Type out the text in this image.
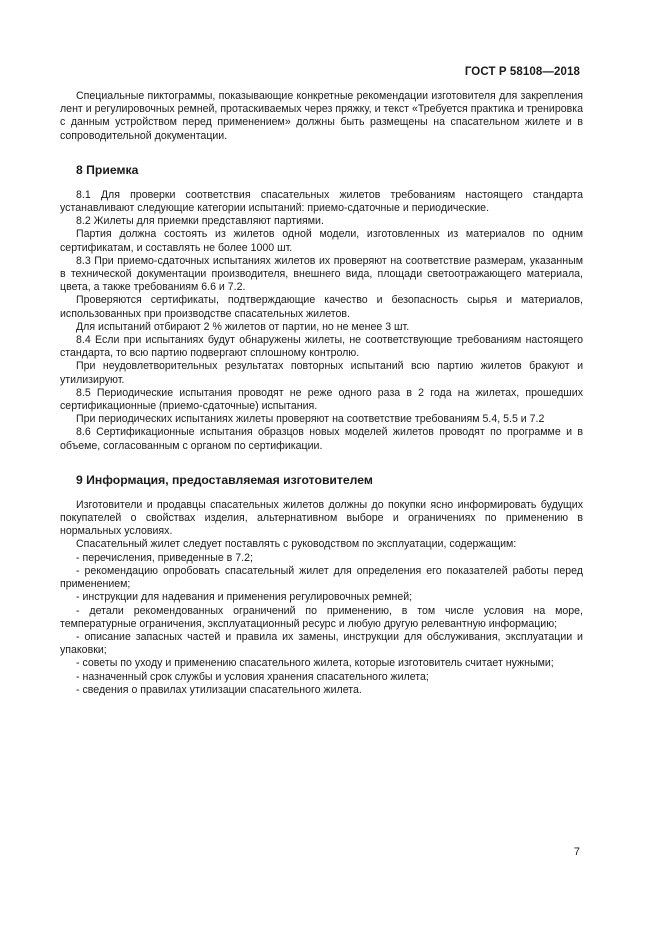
ГОСТ Р 58108—2018

Специальные пиктограммы, показывающие конкретные рекомендации изготовителя для закрепления лент и регулировочных ремней, протаскиваемых через пряжку, и текст «Требуется практика и тренировка с данным устройством перед применением» должны быть размещены на спасательном жилете и в сопроводительной документации.

8 Приемка

8.1 Для проверки соответствия спасательных жилетов требованиям настоящего стандарта устанавливают следующие категории испытаний: приемо-сдаточные и периодические.

8.2 Жилеты для приемки представляют партиями.

Партия должна состоять из жилетов одной модели, изготовленных из материалов по одним сертификатам, и составлять не более 1000 шт.

8.3 При приемо-сдаточных испытаниях жилетов их проверяют на соответствие размерам, указанным в технической документации производителя, внешнего вида, площади светоотражающего материала, цвета, а также требованиям 6.6 и 7.2.

Проверяются сертификаты, подтверждающие качество и безопасность сырья и материалов, использованных при производстве спасательных жилетов.

Для испытаний отбирают 2 % жилетов от партии, но не менее 3 шт.

8.4 Если при испытаниях будут обнаружены жилеты, не соответствующие требованиям настоящего стандарта, то всю партию подвергают сплошному контролю.

При неудовлетворительных результатах повторных испытаний всю партию жилетов бракуют и утилизируют.

8.5 Периодические испытания проводят не реже одного раза в 2 года на жилетах, прошедших сертификационные (приемо-сдаточные) испытания.

При периодических испытаниях жилеты проверяют на соответствие требованиям 5.4, 5.5 и 7.2

8.6 Сертификационные испытания образцов новых моделей жилетов проводят по программе и в объеме, согласованным с органом по сертификации.

9 Информация, предоставляемая изготовителем

Изготовители и продавцы спасательных жилетов должны до покупки ясно информировать будущих покупателей о свойствах изделия, альтернативном выборе и ограничениях по применению в нормальных условиях.

Спасательный жилет следует поставлять с руководством по эксплуатации, содержащим:

- перечисления, приведенные в 7.2;

- рекомендацию опробовать спасательный жилет для определения его показателей работы перед применением;

- инструкции для надевания и применения регулировочных ремней;

- детали рекомендованных ограничений по применению, в том числе условия на море, температурные ограничения, эксплуатационный ресурс и любую другую релевантную информацию;

- описание запасных частей и правила их замены, инструкции для обслуживания, эксплуатации и упаковки;

- советы по уходу и применению спасательного жилета, которые изготовитель считает нужными;

- назначенный срок службы и условия хранения спасательного жилета;

- сведения о правилах утилизации спасательного жилета.

7
